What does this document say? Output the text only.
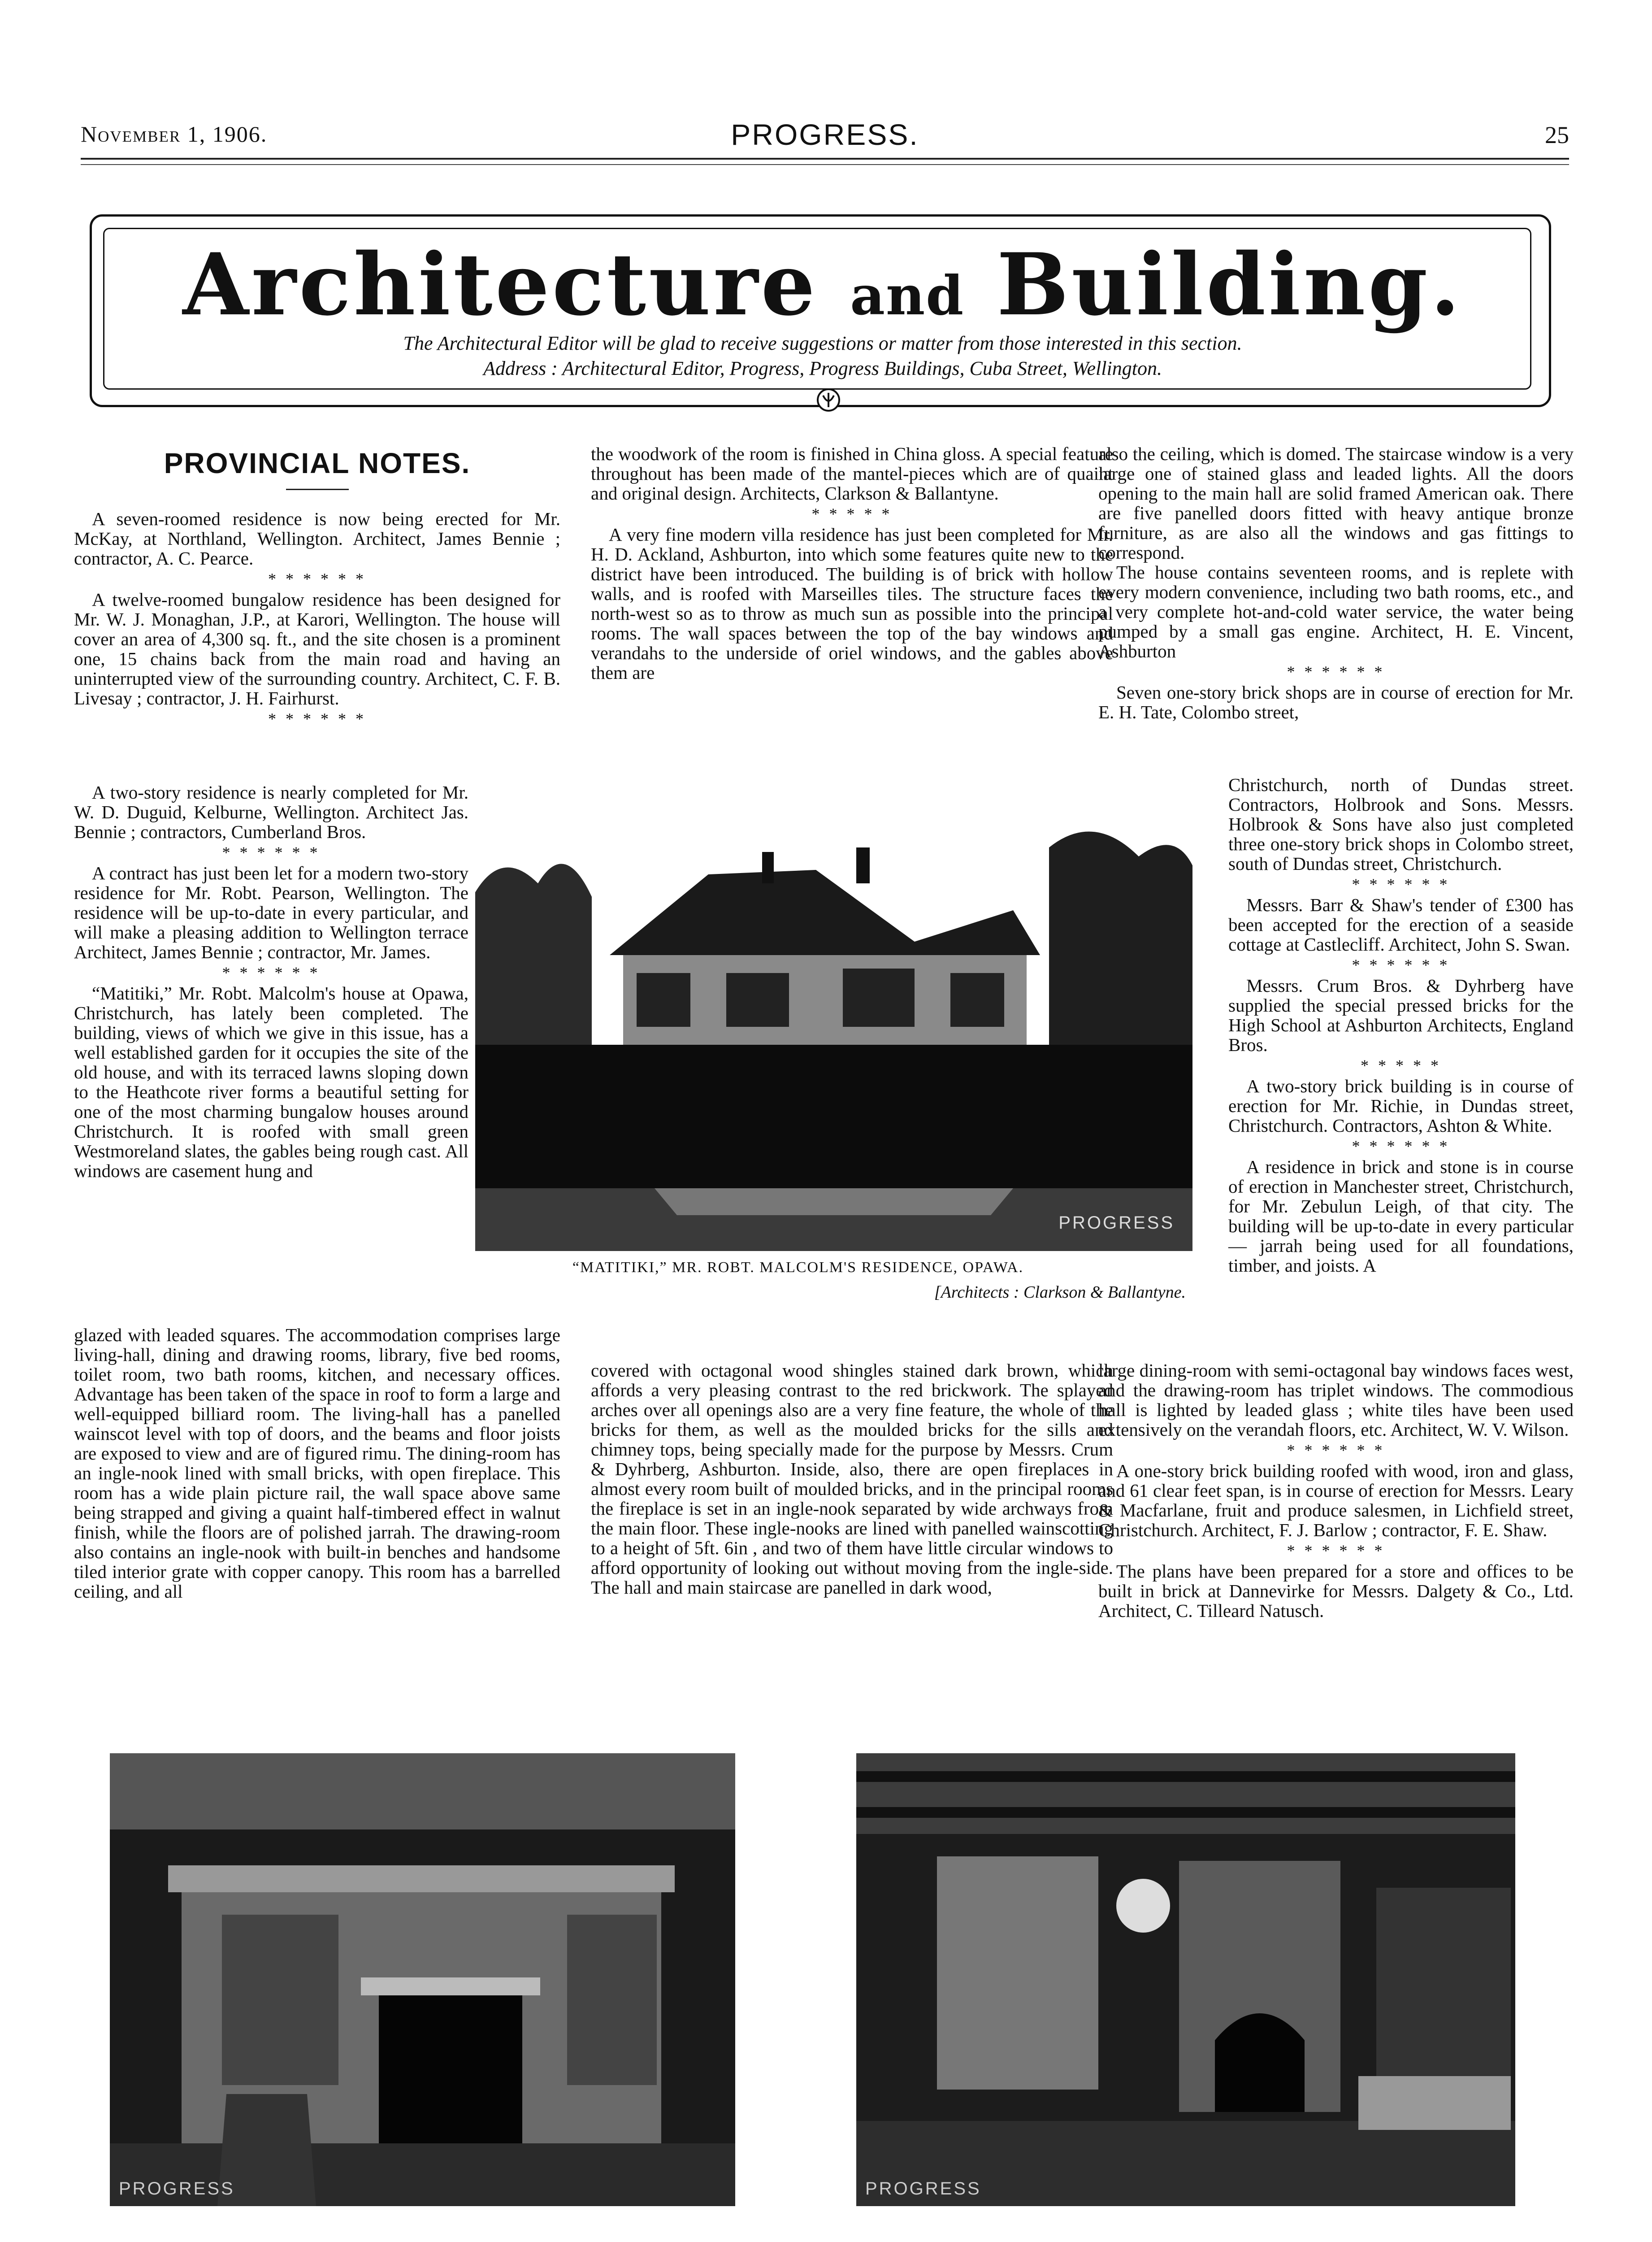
November 1, 1906.	PROGRESS.	25
Architecture and Building.
The Architectural Editor will be glad to receive suggestions or matter from those interested in this section.
Address : Architectural Editor, Progress, Progress Buildings, Cuba Street, Wellington.
PROVINCIAL NOTES.

A seven-roomed residence is now being erected for Mr. McKay, at Northland, Wellington. Architect, James Bennie ; contractor, A. C. Pearce.

* * * * * *

A twelve-roomed bungalow residence has been designed for Mr. W. J. Monaghan, J.P., at Karori, Wellington. The house will cover an area of 4,300 sq. ft., and the site chosen is a prominent one, 15 chains back from the main road and having an uninterrupted view of the surrounding country. Architect, C. F. B. Livesay ; contractor, J. H. Fairhurst.

* * * * * *

A two-story residence is nearly completed for Mr. W. D. Duguid, Kelburne, Wellington. Architect Jas. Bennie ; contractors, Cumberland Bros.

* * * * * *

A contract has just been let for a modern two-story residence for Mr. Robt. Pearson, Wellington. The residence will be up-to-date in every particular, and will make a pleasing addition to Wellington terrace Architect, James Bennie ; contractor, Mr. James.

* * * * * *

“Matitiki,” Mr. Robt. Malcolm's house at Opawa, Christchurch, has lately been completed. The building, views of which we give in this issue, has a well established garden for it occupies the site of the old house, and with its terraced lawns sloping down to the Heathcote river forms a beautiful setting for one of the most charming bungalow houses around Christchurch. It is roofed with small green Westmoreland slates, the gables being rough cast. All windows are casement hung and

glazed with leaded squares. The accommodation comprises large living-hall, dining and drawing rooms, library, five bed rooms, toilet room, two bath rooms, kitchen, and necessary offices. Advantage has been taken of the space in roof to form a large and well-equipped billiard room. The living-hall has a panelled wainscot level with top of doors, and the beams and floor joists are exposed to view and are of figured rimu. The dining-room has an ingle-nook lined with small bricks, with open fireplace. This room has a wide plain picture rail, the wall space above same being strapped and giving a quaint half-timbered effect in walnut finish, while the floors are of polished jarrah. The drawing-room also contains an ingle-nook with built-in benches and handsome tiled interior grate with copper canopy. This room has a barrelled ceiling, and all

the woodwork of the room is finished in China gloss. A special feature throughout has been made of the mantel-pieces which are of quaint and original design. Architects, Clarkson & Ballantyne.

* * * * *

A very fine modern villa residence has just been completed for Mr. H. D. Ackland, Ashburton, into which some features quite new to the district have been introduced. The building is of brick with hollow walls, and is roofed with Marseilles tiles. The structure faces the north-west so as to throw as much sun as possible into the principal rooms. The wall spaces between the top of the bay windows and verandahs to the underside of oriel windows, and the gables above them are

covered with octagonal wood shingles stained dark brown, which affords a very pleasing contrast to the red brickwork. The splayed arches over all openings also are a very fine feature, the whole of the bricks for them, as well as the moulded bricks for the sills and chimney tops, being specially made for the purpose by Messrs. Crum & Dyhrberg, Ashburton. Inside, also, there are open fireplaces in almost every room built of moulded bricks, and in the principal rooms the fireplace is set in an ingle-nook separated by wide archways from the main floor. These ingle-nooks are lined with panelled wainscotting to a height of 5ft. 6in , and two of them have little circular windows to afford opportunity of looking out without moving from the ingle-side. The hall and main staircase are panelled in dark wood,

also the ceiling, which is domed. The staircase window is a very large one of stained glass and leaded lights. All the doors opening to the main hall are solid framed American oak. There are five panelled doors fitted with heavy antique bronze furniture, as are also all the windows and gas fittings to correspond.

The house contains seventeen rooms, and is replete with every modern convenience, including two bath rooms, etc., and a very complete hot-and-cold water service, the water being pumped by a small gas engine. Architect, H. E. Vincent, Ashburton

* * * * * *

Seven one-story brick shops are in course of erection for Mr. E. H. Tate, Colombo street,

Christchurch, north of Dundas street. Contractors, Holbrook and Sons. Messrs. Holbrook & Sons have also just completed three one-story brick shops in Colombo street, south of Dundas street, Christchurch.

* * * * * *

Messrs. Barr & Shaw's tender of £300 has been accepted for the erection of a seaside cottage at Castlecliff. Architect, John S. Swan.

* * * * * *

Messrs. Crum Bros. & Dyhrberg have supplied the special pressed bricks for the High School at Ashburton Architects, England Bros.

* * * * *

A two-story brick building is in course of erection for Mr. Richie, in Dundas street, Christchurch. Contractors, Ashton & White.

* * * * * *

A residence in brick and stone is in course of erection in Manchester street, Christchurch, for Mr. Zebulun Leigh, of that city. The building will be up-to-date in every particular — jarrah being used for all foundations, timber, and joists. A

large dining-room with semi-octagonal bay windows faces west, and the drawing-room has triplet windows. The commodious hall is lighted by leaded glass ; white tiles have been used extensively on the verandah floors, etc. Architect, W. V. Wilson.

* * * * * *

A one-story brick building roofed with wood, iron and glass, and 61 clear feet span, is in course of erection for Messrs. Leary & Macfarlane, fruit and produce salesmen, in Lichfield street, Christchurch. Architect, F. J. Barlow ; contractor, F. E. Shaw.

* * * * * *

The plans have been prepared for a store and offices to be built in brick at Dannevirke for Messrs. Dalgety & Co., Ltd. Architect, C. Tilleard Natusch.

PROGRESS
“MATITIKI,” MR. ROBT. MALCOLM'S RESIDENCE, OPAWA.
[Architects : Clarkson & Ballantyne.
PROGRESS	PROGRESS
